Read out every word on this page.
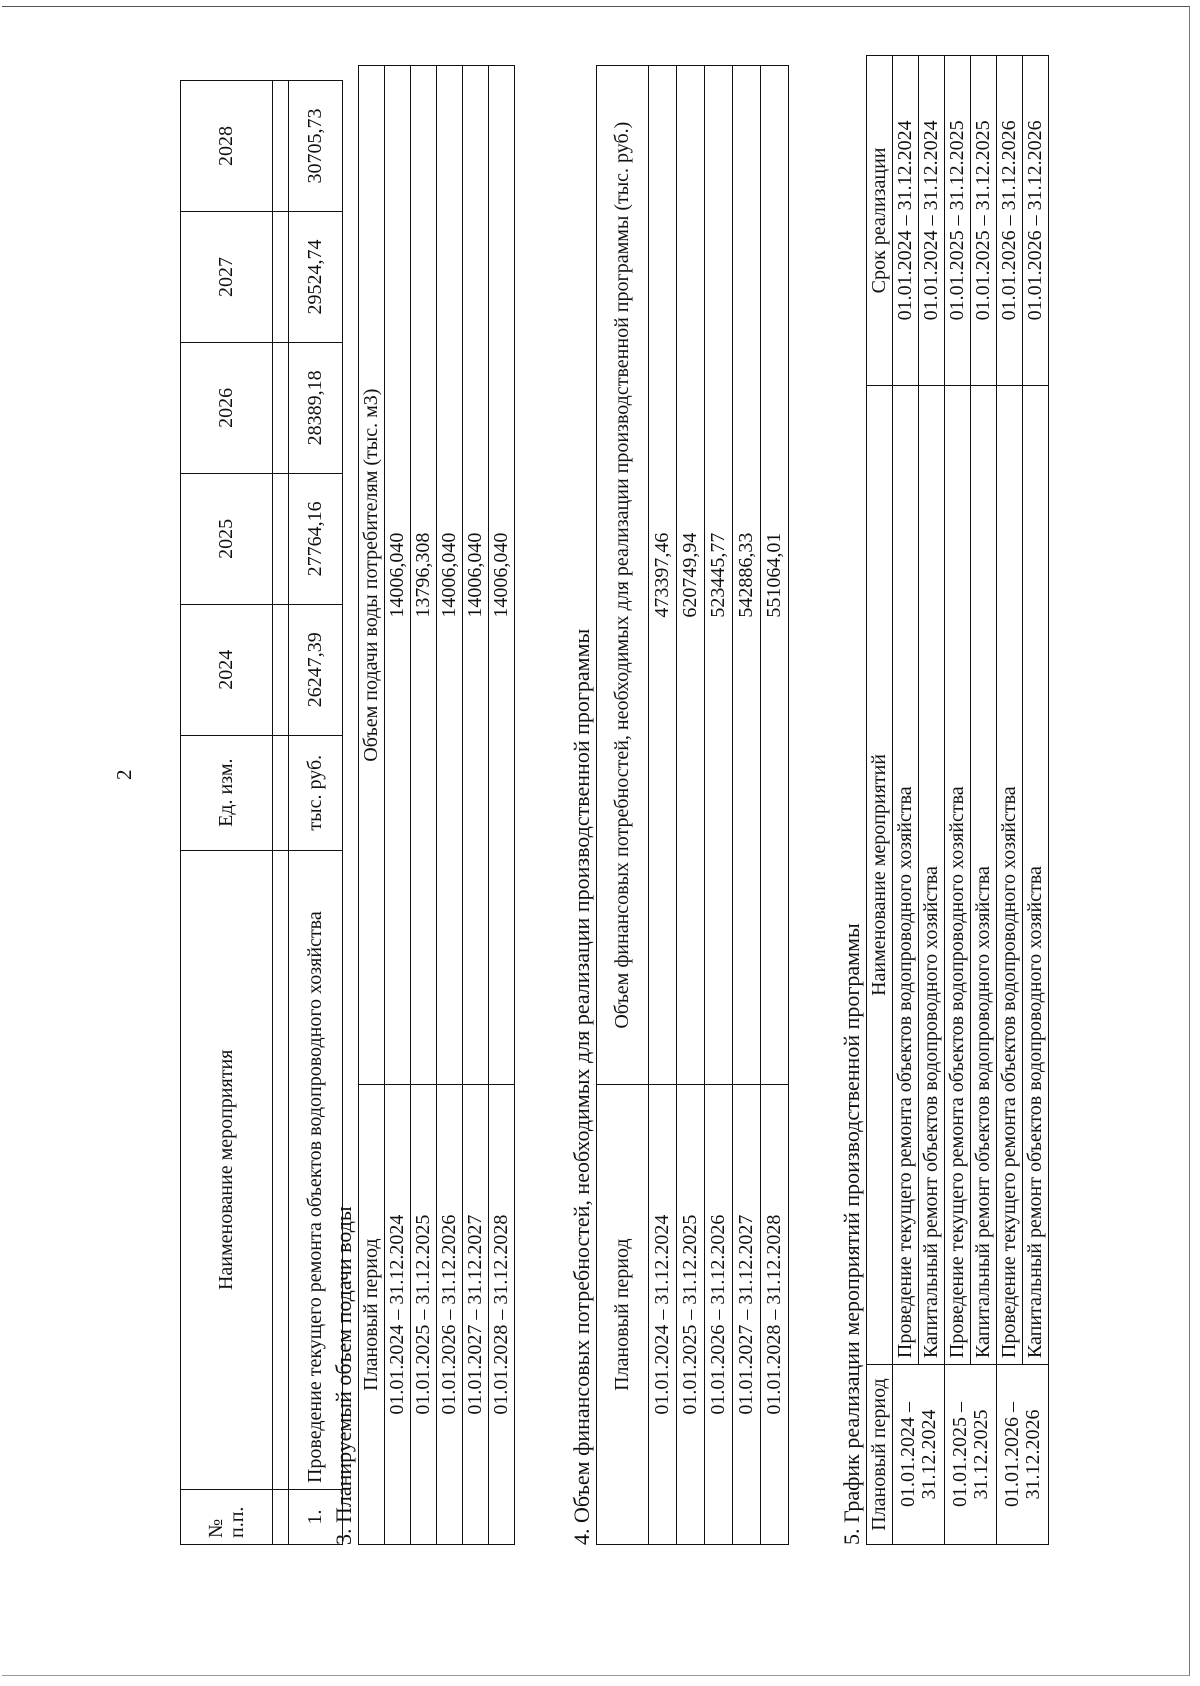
2
№ п.п.	Наименование мероприятия	Ед. изм.	2024	2025	2026	2027	2028

1.	Проведение текущего ремонта объектов водопроводного хозяйства	тыс. руб.	26247,39	27764,16	28389,18	29524,74	30705,73

3. Планируемый объем подачи воды Плановый период	Объем подачи воды потребителям (тыс. м3)
01.01.2024 – 31.12.2024	14006,040
01.01.2025 – 31.12.2025	13796,308
01.01.2026 – 31.12.2026	14006,040
01.01.2027 – 31.12.2027	14006,040
01.01.2028 – 31.12.2028	14006,040

4. Объем финансовых потребностей, необходимых для реализации производственной программы Плановый период	Объем финансовых потребностей, необходимых для реализации производственной программы (тыс. руб.)
01.01.2024 – 31.12.2024	473397,46
01.01.2025 – 31.12.2025	620749,94
01.01.2026 – 31.12.2026	523445,77
01.01.2027 – 31.12.2027	542886,33
01.01.2028 – 31.12.2028	551064,01

5. График реализации мероприятий производственной программы Плановый период	Наименование мероприятий	Срок реализации
01.01.2024 – 31.12.2024	Проведение текущего ремонта объектов водопроводного хозяйства	01.01.2024 – 31.12.2024
	Капитальный ремонт объектов водопроводного хозяйства	01.01.2024 – 31.12.2024
01.01.2025 – 31.12.2025	Проведение текущего ремонта объектов водопроводного хозяйства	01.01.2025 – 31.12.2025
	Капитальный ремонт объектов водопроводного хозяйства	01.01.2025 – 31.12.2025
01.01.2026 – 31.12.2026	Проведение текущего ремонта объектов водопроводного хозяйства	01.01.2026 – 31.12.2026
	Капитальный ремонт объектов водопроводного хозяйства	01.01.2026 – 31.12.2026
